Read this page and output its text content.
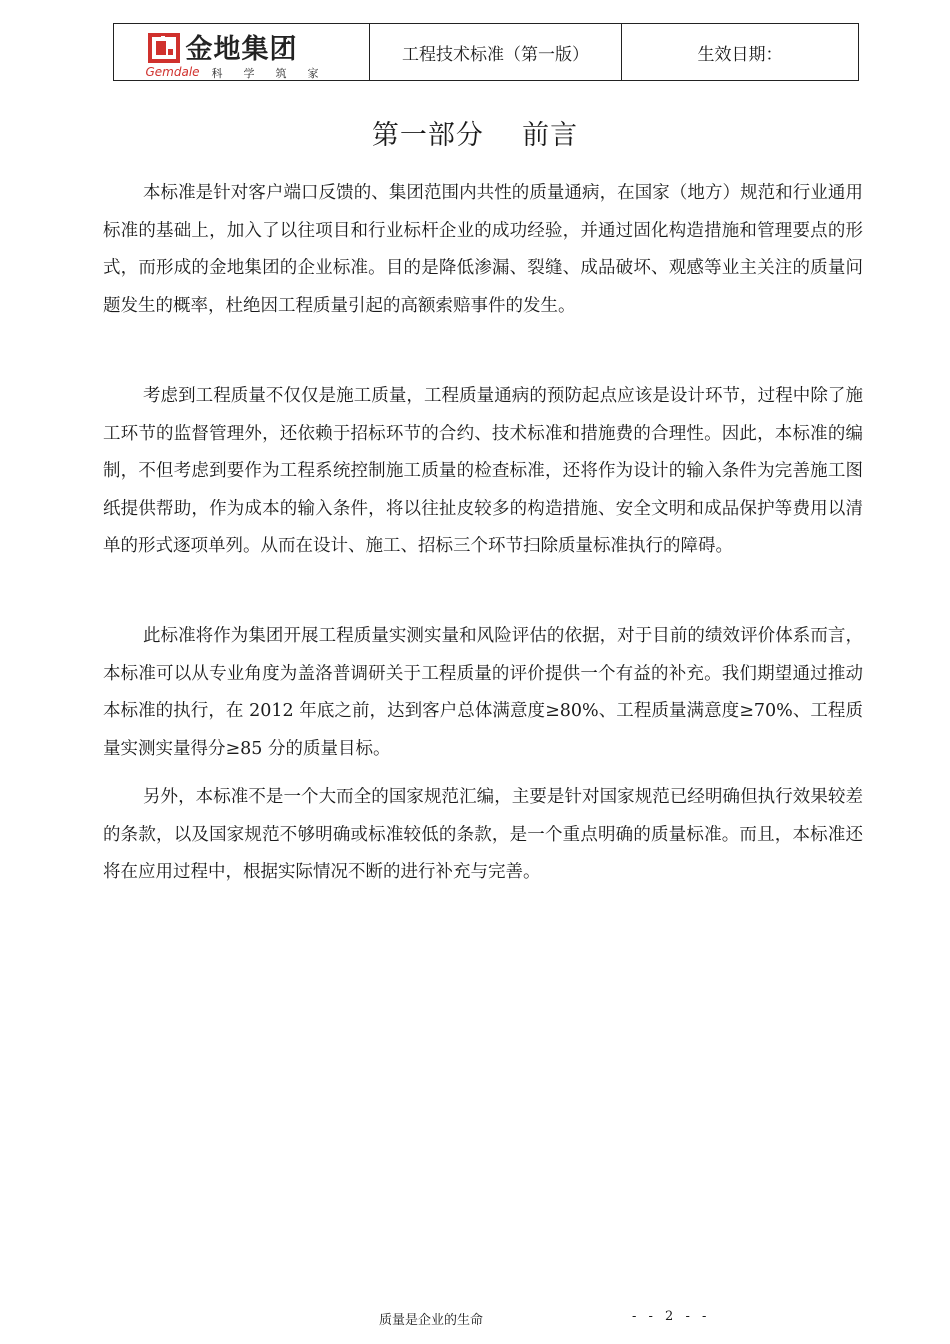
金地集团
Gemdale 科学筑家
工程技术标准（第一版）	生效日期：
第一部分    前言

本标准是针对客户端口反馈的、集团范围内共性的质量通病，在国家（地方）规范和行业通用标准的基础上，加入了以往项目和行业标杆企业的成功经验，并通过固化构造措施和管理要点的形式，而形成的金地集团的企业标准。目的是降低渗漏、裂缝、成品破坏、观感等业主关注的质量问题发生的概率，杜绝因工程质量引起的高额索赔事件的发生。

考虑到工程质量不仅仅是施工质量，工程质量通病的预防起点应该是设计环节，过程中除了施工环节的监督管理外，还依赖于招标环节的合约、技术标准和措施费的合理性。因此，本标准的编制，不但考虑到要作为工程系统控制施工质量的检查标准，还将作为设计的输入条件为完善施工图纸提供帮助，作为成本的输入条件，将以往扯皮较多的构造措施、安全文明和成品保护等费用以清单的形式逐项单列。从而在设计、施工、招标三个环节扫除质量标准执行的障碍。

此标准将作为集团开展工程质量实测实量和风险评估的依据，对于目前的绩效评价体系而言，本标准可以从专业角度为盖洛普调研关于工程质量的评价提供一个有益的补充。我们期望通过推动本标准的执行，在 2012 年底之前，达到客户总体满意度≥80%、工程质量满意度≥70%、工程质量实测实量得分≥85 分的质量目标。

另外，本标准不是一个大而全的国家规范汇编，主要是针对国家规范已经明确但执行效果较差的条款，以及国家规范不够明确或标准较低的条款，是一个重点明确的质量标准。而且，本标准还将在应用过程中，根据实际情况不断的进行补充与完善。

质量是企业的生命	- - 2 - -
